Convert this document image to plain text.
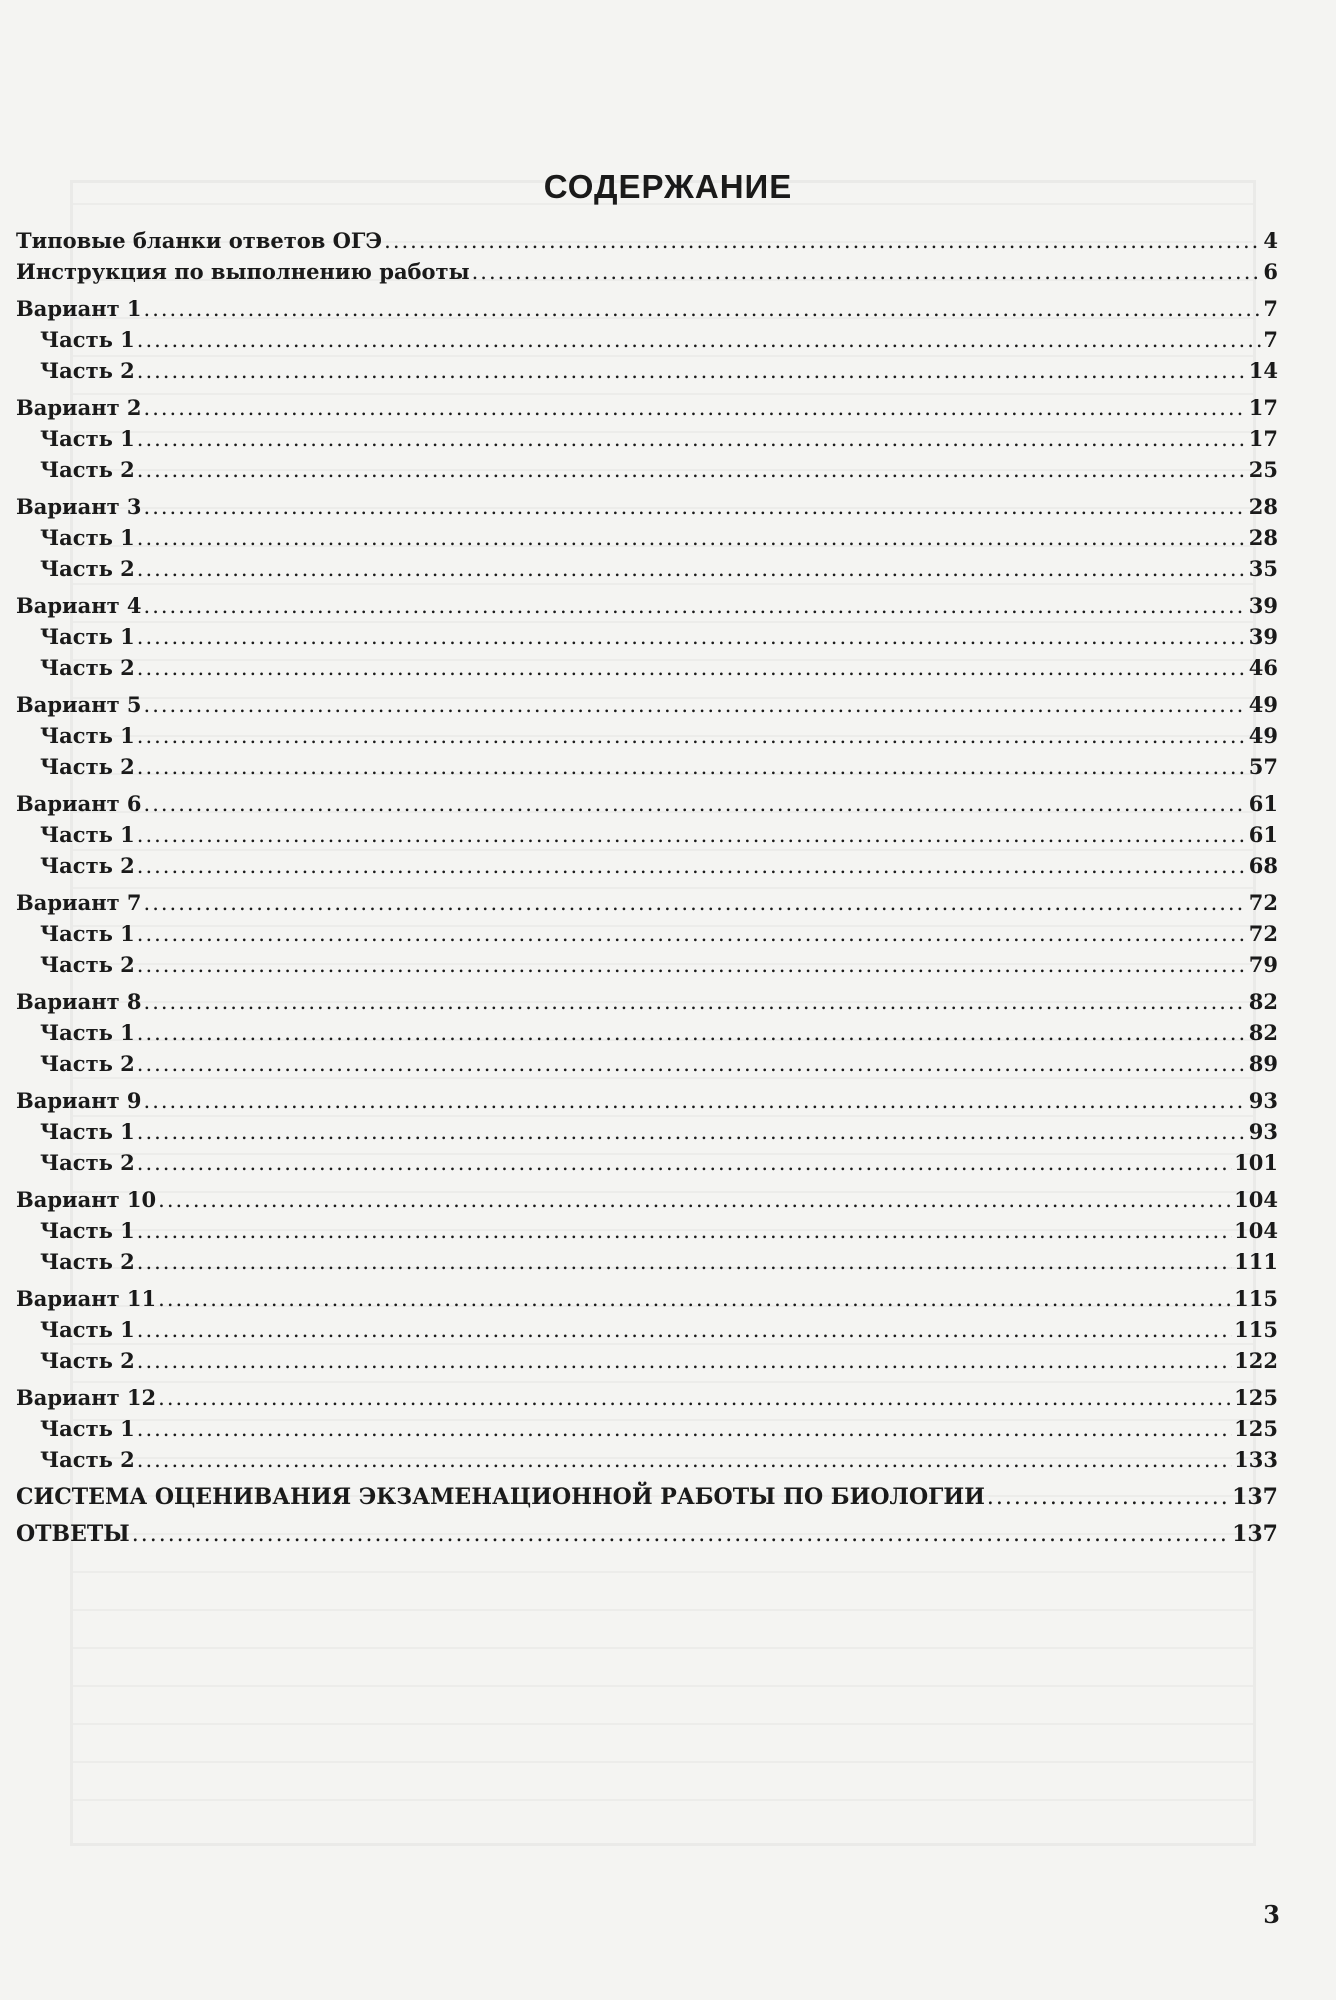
СОДЕРЖАНИЕ
Типовые бланки ответов ОГЭ .....	4
Инструкция по выполнению работы .....	6
Вариант 1 .....	7
Часть 1 .....	7
Часть 2 .....	14
Вариант 2 .....	17
Часть 1 .....	17
Часть 2 .....	25
Вариант 3 .....	28
Часть 1 .....	28
Часть 2 .....	35
Вариант 4 .....	39
Часть 1 .....	39
Часть 2 .....	46
Вариант 5 .....	49
Часть 1 .....	49
Часть 2 .....	57
Вариант 6 .....	61
Часть 1 .....	61
Часть 2 .....	68
Вариант 7 .....	72
Часть 1 .....	72
Часть 2 .....	79
Вариант 8 .....	82
Часть 1 .....	82
Часть 2 .....	89
Вариант 9 .....	93
Часть 1 .....	93
Часть 2 .....	101
Вариант 10 .....	104
Часть 1 .....	104
Часть 2 .....	111
Вариант 11 .....	115
Часть 1 .....	115
Часть 2 .....	122
Вариант 12 .....	125
Часть 1 .....	125
Часть 2 .....	133
СИСТЕМА ОЦЕНИВАНИЯ ЭКЗАМЕНАЦИОННОЙ РАБОТЫ ПО БИОЛОГИИ .....	137
ОТВЕТЫ .....	137
3
